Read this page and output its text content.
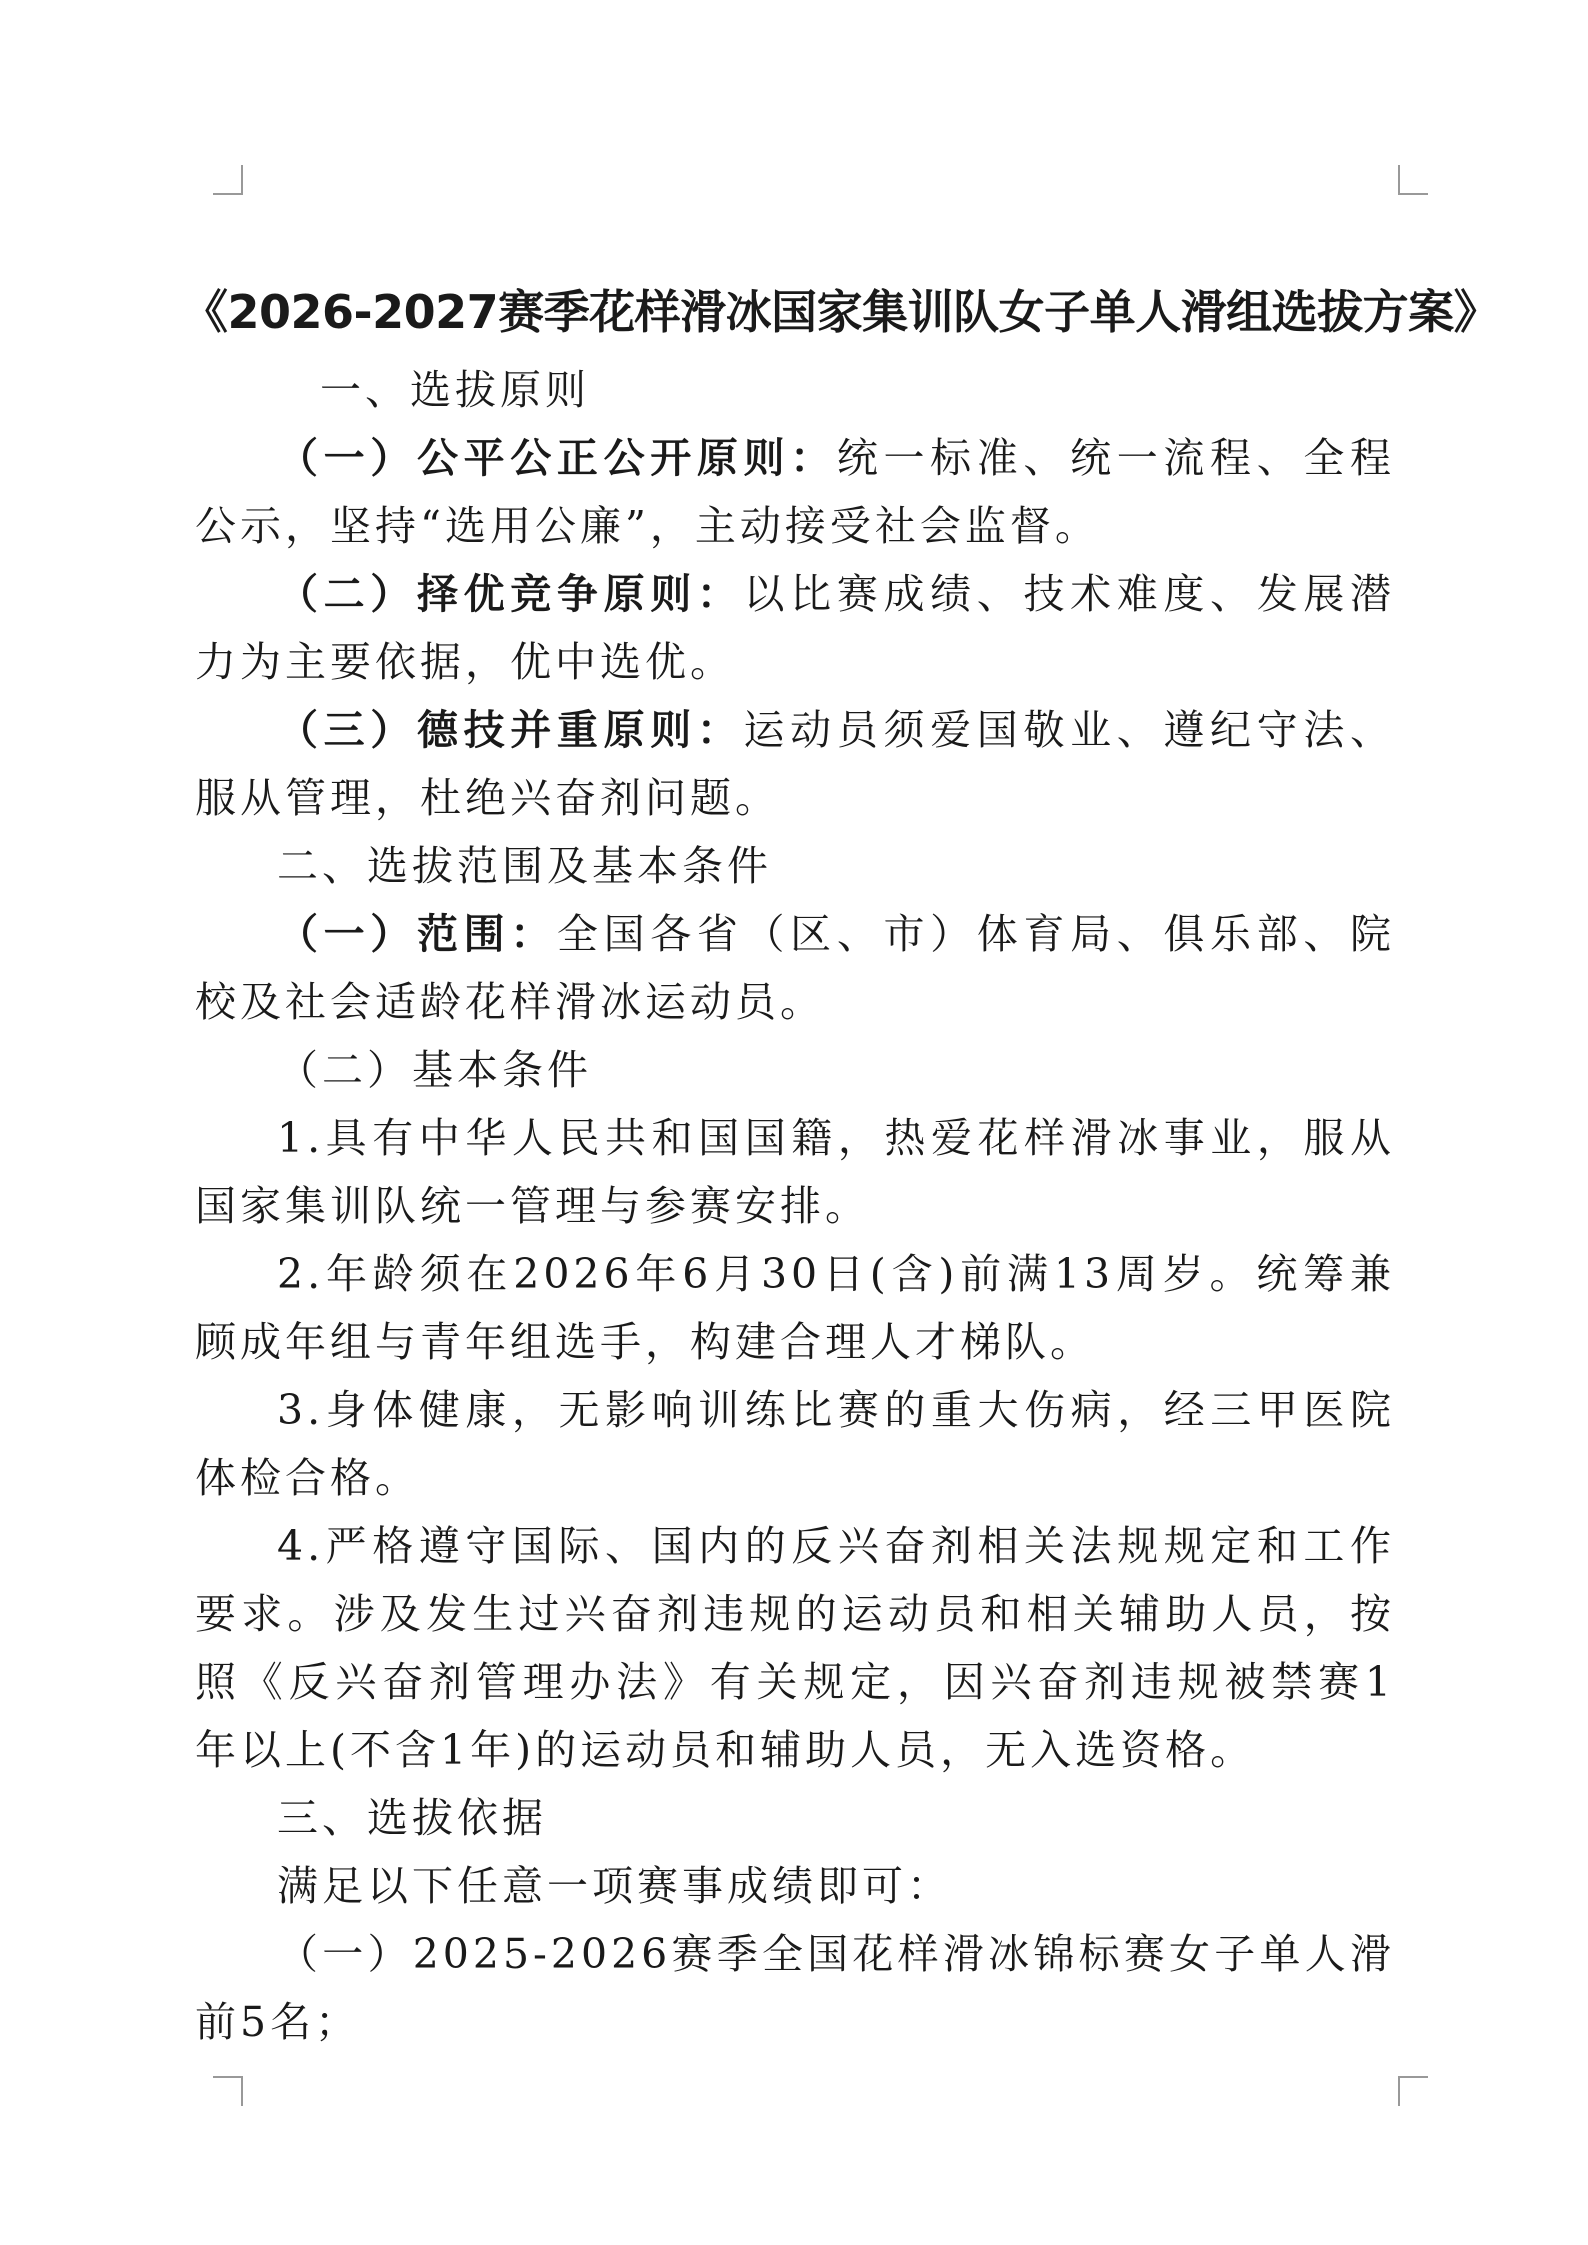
《2026-2027赛季花样滑冰国家集训队女子单人滑组选拔方案》

一、选拔原则

（一）公平公正公开原则：统一标准、统一流程、全程公示，坚持“选用公廉”，主动接受社会监督。

（二）择优竞争原则：以比赛成绩、技术难度、发展潜力为主要依据，优中选优。

（三）德技并重原则：运动员须爱国敬业、遵纪守法、服从管理，杜绝兴奋剂问题。

二、选拔范围及基本条件

（一）范围：全国各省（区、市）体育局、俱乐部、院校及社会适龄花样滑冰运动员。

（二）基本条件

1.具有中华人民共和国国籍，热爱花样滑冰事业，服从国家集训队统一管理与参赛安排。

2.年龄须在2026年6月30日(含)前满13周岁。统筹兼顾成年组与青年组选手，构建合理人才梯队。

3.身体健康，无影响训练比赛的重大伤病，经三甲医院体检合格。

4.严格遵守国际、国内的反兴奋剂相关法规规定和工作要求。涉及发生过兴奋剂违规的运动员和相关辅助人员，按照《反兴奋剂管理办法》有关规定，因兴奋剂违规被禁赛1年以上(不含1年)的运动员和辅助人员，无入选资格。

三、选拔依据

满足以下任意一项赛事成绩即可：

（一）2025-2026赛季全国花样滑冰锦标赛女子单人滑前5名；
